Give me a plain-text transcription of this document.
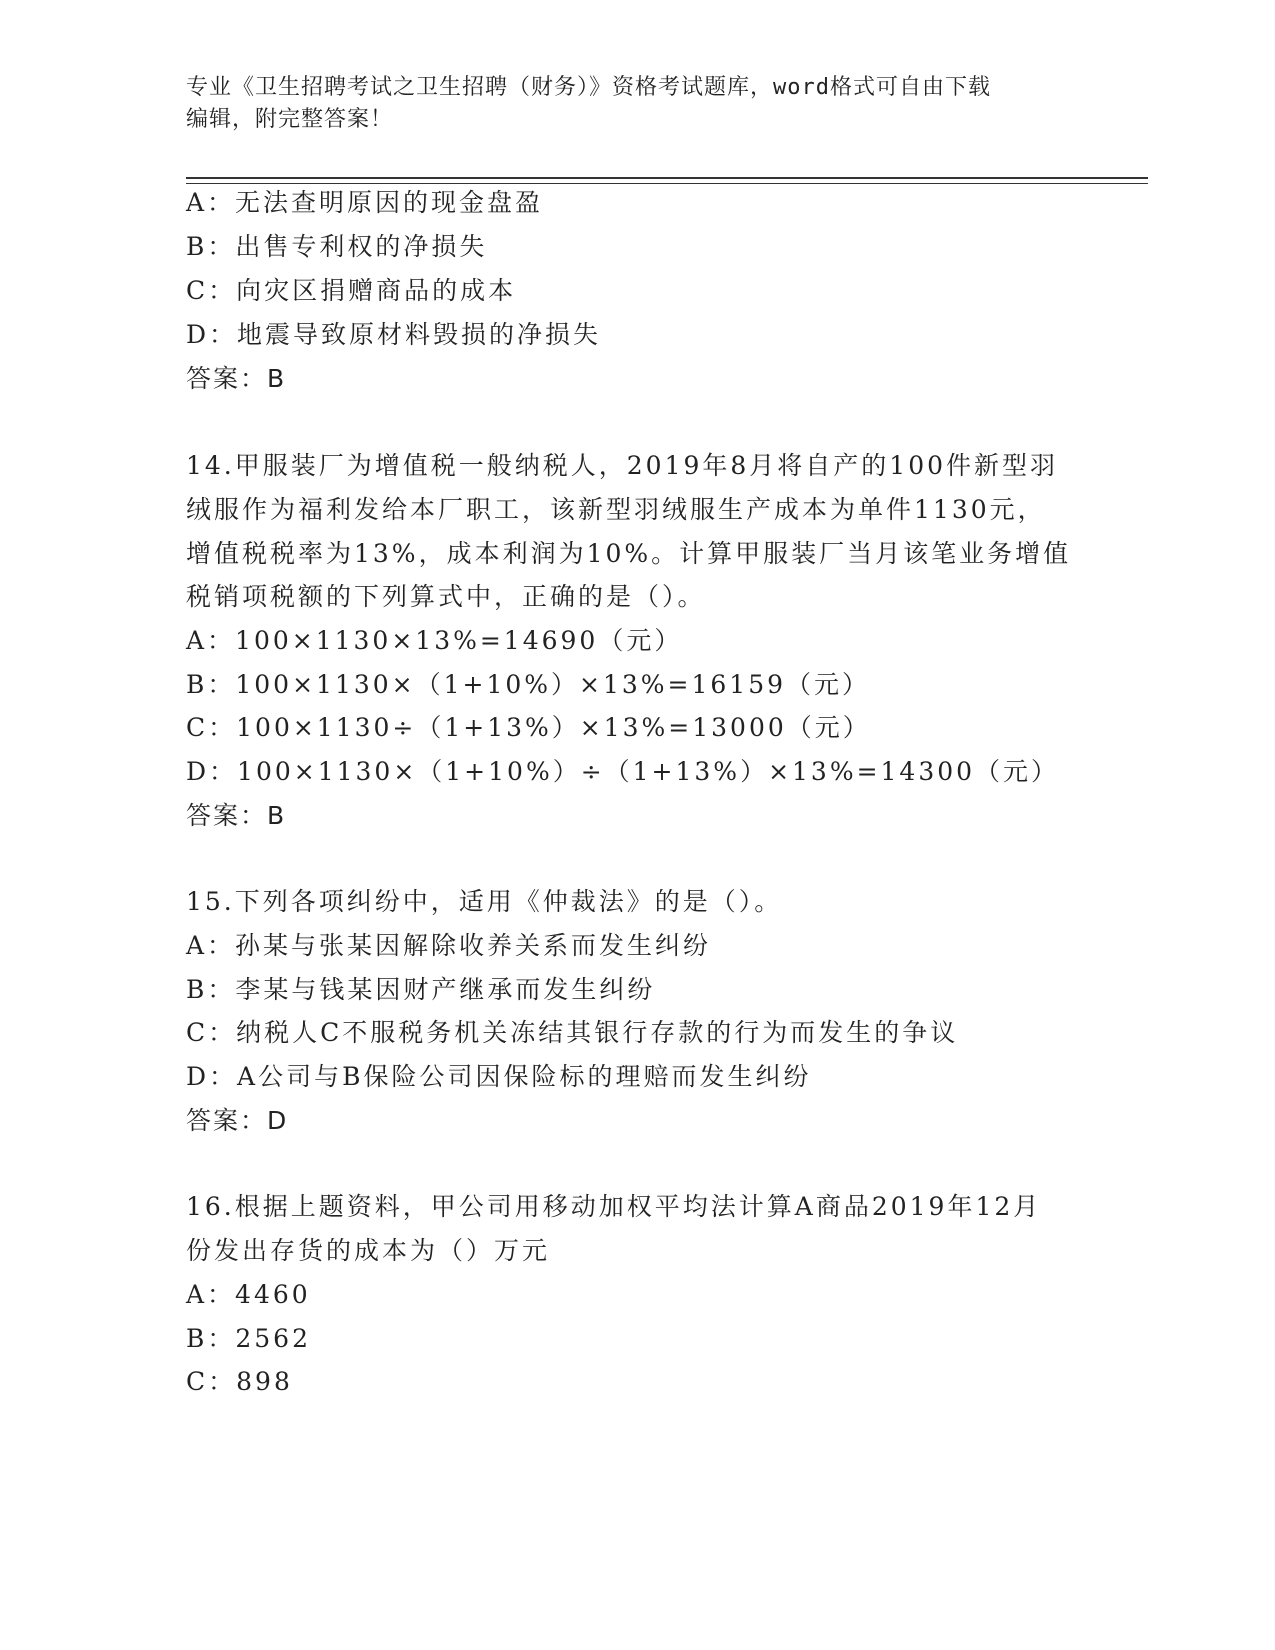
专业《卫生招聘考试之卫生招聘（财务）》资格考试题库，word格式可自由下载
编辑，附完整答案！
A：无法查明原因的现金盘盈
B：出售专利权的净损失
C：向灾区捐赠商品的成本
D：地震导致原材料毁损的净损失
答案：B
14.甲服装厂为增值税一般纳税人，2019年8月将自产的100件新型羽
绒服作为福利发给本厂职工，该新型羽绒服生产成本为单件1130元，
增值税税率为13%，成本利润为10%。计算甲服装厂当月该笔业务增值
税销项税额的下列算式中，正确的是（）。
A：100×1130×13%=14690（元）
B：100×1130×（1+10%）×13%=16159（元）
C：100×1130÷（1+13%）×13%=13000（元）
D：100×1130×（1+10%）÷（1+13%）×13%=14300（元）
答案：B
15.下列各项纠纷中，适用《仲裁法》的是（）。
A：孙某与张某因解除收养关系而发生纠纷
B：李某与钱某因财产继承而发生纠纷
C：纳税人C不服税务机关冻结其银行存款的行为而发生的争议
D：A公司与B保险公司因保险标的理赔而发生纠纷
答案：D
16.根据上题资料，甲公司用移动加权平均法计算A商品2019年12月
份发出存货的成本为（）万元
A：4460
B：2562
C：898
